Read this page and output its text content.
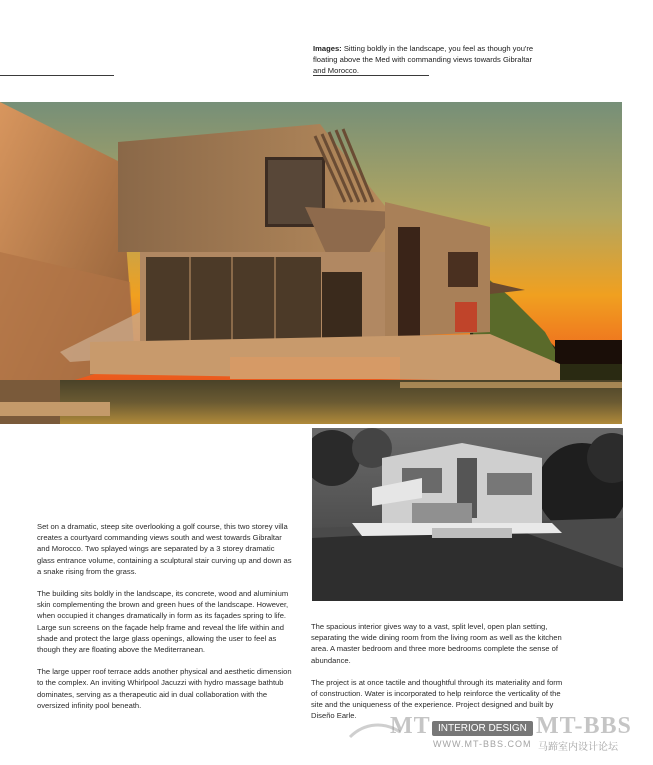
Images: Sitting boldly in the landscape, you feel as though you're floating above the Med with commanding views towards Gibraltar and Morocco.

Set on a dramatic, steep site overlooking a golf course, this two storey villa creates a courtyard commanding views south and west towards Gibraltar and Morocco. Two splayed wings are separated by a 3 storey dramatic glass entrance volume, containing a sculptural stair curving up and down as a snake rising from the grass.

The building sits boldly in the landscape, its concrete, wood and aluminium skin complementing the brown and green hues of the landscape. However, when occupied it changes dramatically in form as its façades spring to life. Large sun screens on the façade help frame and reveal the life within and shade and protect the large glass openings, allowing the user to feel as though they are floating above the Mediterranean.

The large upper roof terrace adds another physical and aesthetic dimension to the complex. An inviting Whirlpool Jacuzzi with hydro massage bathtub dominates, serving as a therapeutic aid in dual collaboration with the oversized infinity pool beneath.

The spacious interior gives way to a vast, split level, open plan setting, separating the wide dining room from the living room as well as the kitchen area. A master bedroom and three more bedrooms complete the sense of abundance.

The project is at once tactile and thoughtful through its materiality and form of construction. Water is incorporated to help reinforce the verticality of the site and the uniqueness of the experience. Project designed and built by Diseño Earle.	MT INTERIOR DESIGN MT-BBS
WWW.MT-BBS.COM 马蹄室内设计论坛
